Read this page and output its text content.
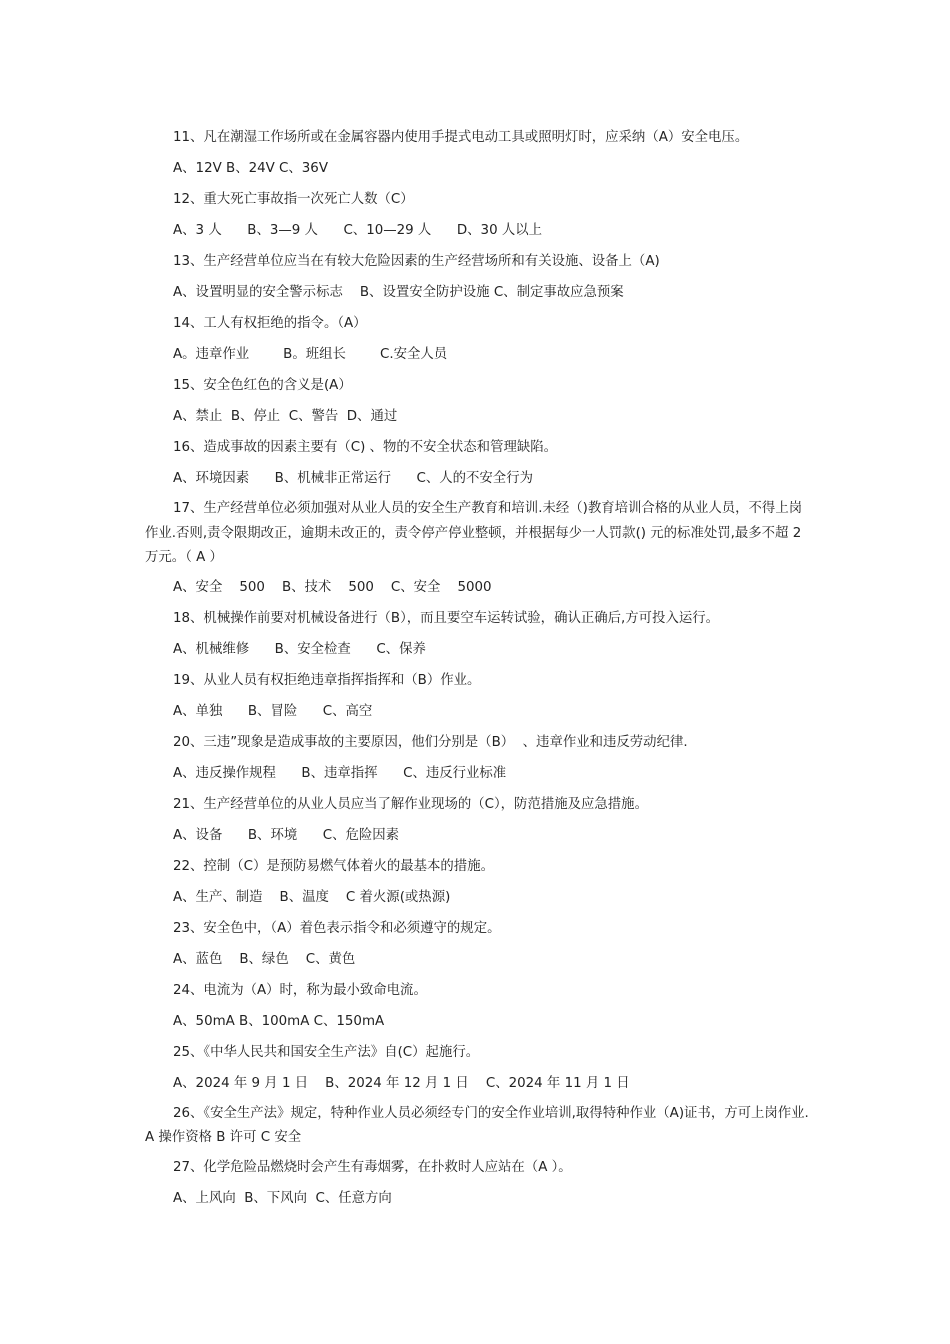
11、凡在潮湿工作场所或在金属容器内使用手提式电动工具或照明灯时，应采纳（A）安全电压。
A、12V B、24V C、36V
12、重大死亡事故指一次死亡人数（C）
A、3 人      B、3—9 人      C、10—29 人      D、30 人以上
13、生产经营单位应当在有较大危险因素的生产经营场所和有关设施、设备上（A)
A、设置明显的安全警示标志    B、设置安全防护设施 C、制定事故应急预案
14、工人有权拒绝的指令。（A）
A。违章作业        B。班组长        C.安全人员
15、安全色红色的含义是(A）
A、禁止  B、停止  C、警告  D、通过
16、造成事故的因素主要有（C) 、物的不安全状态和管理缺陷。
A、环境因素      B、机械非正常运行      C、人的不安全行为
17、生产经营单位必须加强对从业人员的安全生产教育和培训.未经（)教育培训合格的从业人员，不得上岗作业.否则,责令限期改正，逾期未改正的，责令停产停业整顿，并根据每少一人罚款() 元的标准处罚,最多不超 2 万元。（ A ）
A、安全    500    B、技术    500    C、安全    5000
18、机械操作前要对机械设备进行（B），而且要空车运转试验，确认正确后,方可投入运行。
A、机械维修      B、安全检查      C、保养
19、从业人员有权拒绝违章指挥指挥和（B）作业。
A、单独      B、冒险      C、高空
20、三违”现象是造成事故的主要原因，他们分别是（B）  、违章作业和违反劳动纪律.
A、违反操作规程      B、违章指挥      C、违反行业标准
21、生产经营单位的从业人员应当了解作业现场的（C），防范措施及应急措施。
A、设备      B、环境      C、危险因素
22、控制（C）是预防易燃气体着火的最基本的措施。
A、生产、制造    B、温度    C 着火源(或热源)
23、安全色中，（A）着色表示指令和必须遵守的规定。
A、蓝色    B、绿色    C、黄色
24、电流为（A）时，称为最小致命电流。
A、50mA B、100mA C、150mA
25、《中华人民共和国安全生产法》自(C）起施行。
A、2024 年 9 月 1 日    B、2024 年 12 月 1 日    C、2024 年 11 月 1 日
26、《安全生产法》规定，特种作业人员必须经专门的安全作业培训,取得特种作业（A)证书，方可上岗作业.A 操作资格 B 许可 C 安全
27、化学危险品燃烧时会产生有毒烟雾，在扑救时人应站在（A ）。
A、上风向  B、下风向  C、任意方向
